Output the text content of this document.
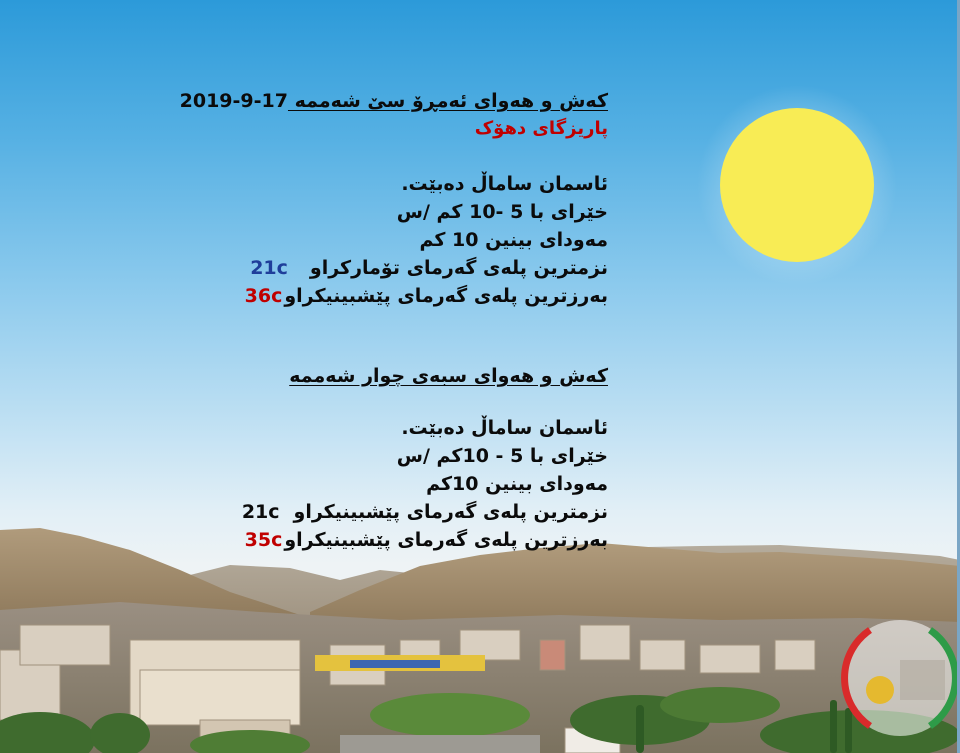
كەش و هەوای ئەمڕۆ سێ شەممە 2019-9-17
پاریزگای دهۆک
ئاسمان ساماڵ دەبێت.
خێرای با 5 -10 کم /س
مەودای بینین 10 کم
نزمترین پلەی گەرمای تۆمارکراو21c
بەرزترین پلەی گەرمای پێشبینیکراو36c
كەش و هەوای سبەی چوار شەممە
ئاسمان ساماڵ دەبێت.
خێرای با 5 - 10کم /س
مەودای بینین 10کم
نزمترین پلەی گەرمای پێشبینیکراو21c
بەرزترین پلەی گەرمای پێشبینیکراو35c
